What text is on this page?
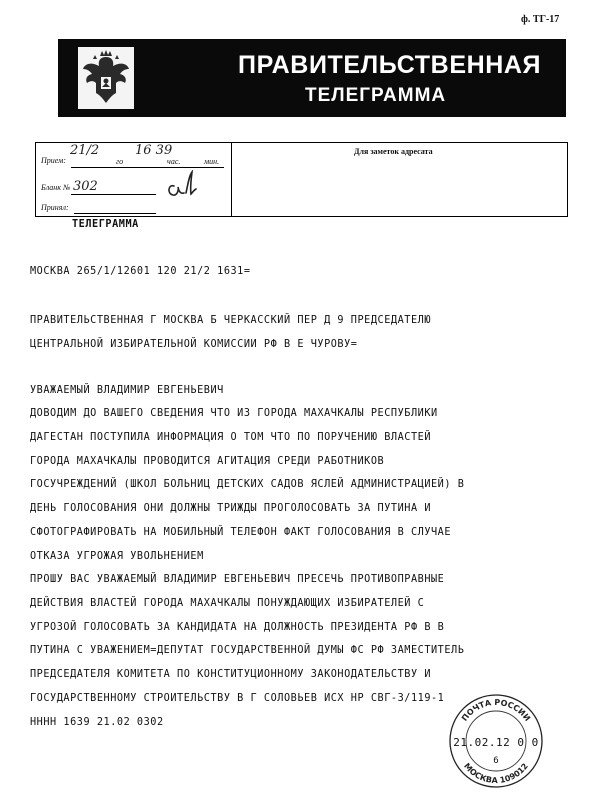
ф. ТГ-17
ПРАВИТЕЛЬСТВЕННАЯ
ТЕЛЕГРАММА
Для заметок адресата
Прием:
21/2
го
16 39
час.	мин.
Бланк № 302
Принял:
ТЕЛЕГРАММА
МОСКВА 265/1/12601 120 21/2 1631=
ПРАВИТЕЛЬСТВЕННАЯ Г МОСКВА Б ЧЕРКАССКИЙ ПЕР Д 9 ПРЕДСЕДАТЕЛЮ
ЦЕНТРАЛЬНОЙ ИЗБИРАТЕЛЬНОЙ КОМИССИИ РФ В Е ЧУРОВУ=
УВАЖАЕМЫЙ ВЛАДИМИР ЕВГЕНЬЕВИЧ
ДОВОДИМ ДО ВАШЕГО СВЕДЕНИЯ ЧТО ИЗ ГОРОДА МАХАЧКАЛЫ РЕСПУБЛИКИ
ДАГЕСТАН ПОСТУПИЛА ИНФОРМАЦИЯ О ТОМ ЧТО ПО ПОРУЧЕНИЮ ВЛАСТЕЙ
ГОРОДА МАХАЧКАЛЫ ПРОВОДИТСЯ АГИТАЦИЯ СРЕДИ РАБОТНИКОВ
ГОСУЧРЕЖДЕНИЙ (ШКОЛ БОЛЬНИЦ ДЕТСКИХ САДОВ ЯСЛЕЙ АДМИНИСТРАЦИЕЙ) В
ДЕНЬ ГОЛОСОВАНИЯ ОНИ ДОЛЖНЫ ТРИЖДЫ ПРОГОЛОСОВАТЬ ЗА ПУТИНА И
СФОТОГРАФИРОВАТЬ НА МОБИЛЬНЫЙ ТЕЛЕФОН ФАКТ ГОЛОСОВАНИЯ В СЛУЧАЕ
ОТКАЗА УГРОЖАЯ УВОЛЬНЕНИЕМ
ПРОШУ ВАС УВАЖАЕМЫЙ ВЛАДИМИР ЕВГЕНЬЕВИЧ ПРЕСЕЧЬ ПРОТИВОПРАВНЫЕ
ДЕЙСТВИЯ ВЛАСТЕЙ ГОРОДА МАХАЧКАЛЫ ПОНУЖДАЮЩИХ ИЗБИРАТЕЛЕЙ С
УГРОЗОЙ ГОЛОСОВАТЬ ЗА КАНДИДАТА НА ДОЛЖНОСТЬ ПРЕЗИДЕНТА РФ В В
ПУТИНА С УВАЖЕНИЕМ=ДЕПУТАТ ГОСУДАРСТВЕННОЙ ДУМЫ ФС РФ ЗАМЕСТИТЕЛЬ
ПРЕДСЕДАТЕЛЯ КОМИТЕТА ПО КОНСТИТУЦИОННОМУ ЗАКОНОДАТЕЛЬСТВУ И
ГОСУДАРСТВЕННОМУ СТРОИТЕЛЬСТВУ В Г СОЛОВЬЕВ ИСХ НР СВГ-3/119-1
НННН 1639 21.02 0302	ПОЧТА РОССИИ
МОСКВА 109012
21.02.12 0 0
6
